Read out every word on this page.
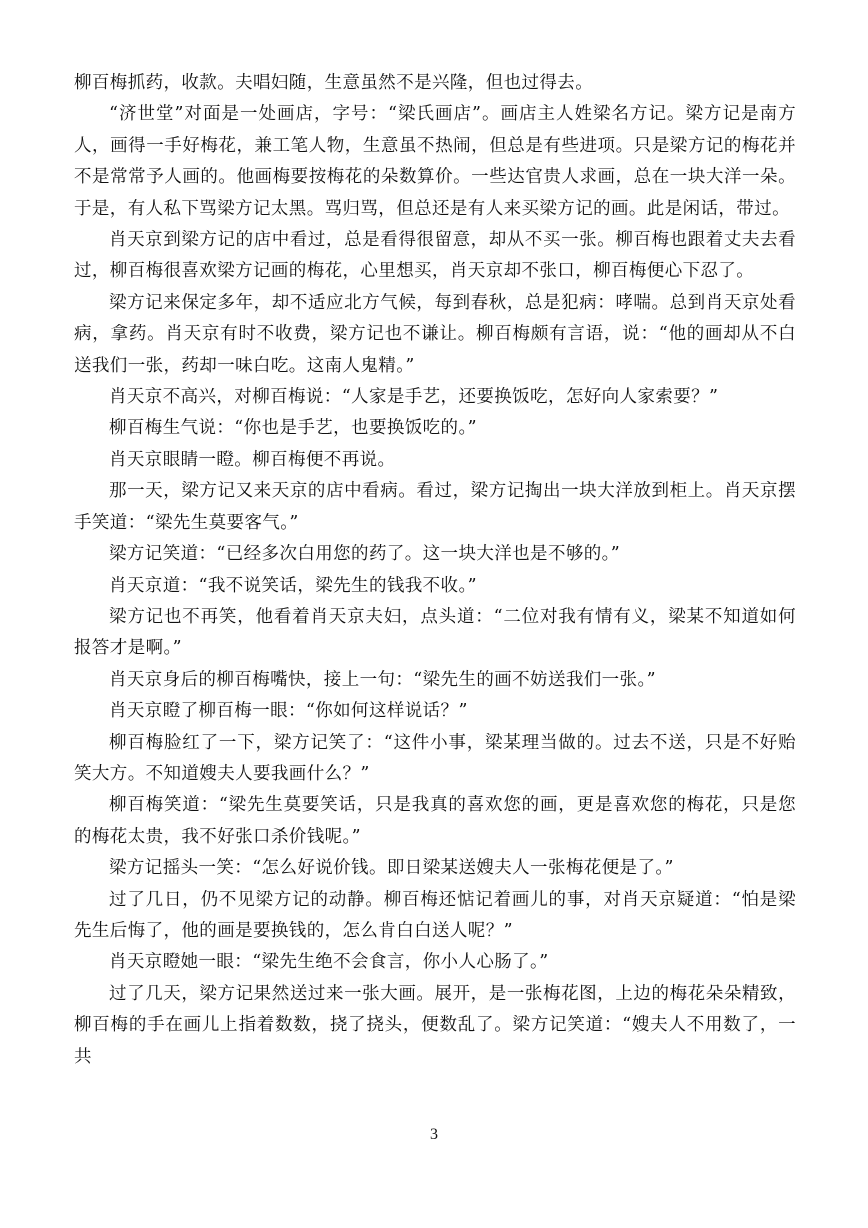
柳百梅抓药，收款。夫唱妇随，生意虽然不是兴隆，但也过得去。

“济世堂”对面是一处画店，字号：“梁氏画店”。画店主人姓梁名方记。梁方记是南方人，画得一手好梅花，兼工笔人物，生意虽不热闹，但总是有些进项。只是梁方记的梅花并不是常常予人画的。他画梅要按梅花的朵数算价。一些达官贵人求画，总在一块大洋一朵。于是，有人私下骂梁方记太黑。骂归骂，但总还是有人来买梁方记的画。此是闲话，带过。

肖天京到梁方记的店中看过，总是看得很留意，却从不买一张。柳百梅也跟着丈夫去看过，柳百梅很喜欢梁方记画的梅花，心里想买，肖天京却不张口，柳百梅便心下忍了。

梁方记来保定多年，却不适应北方气候，每到春秋，总是犯病：哮喘。总到肖天京处看病，拿药。肖天京有时不收费，梁方记也不谦让。柳百梅颇有言语，说：“他的画却从不白送我们一张，药却一味白吃。这南人鬼精。”

肖天京不高兴，对柳百梅说：“人家是手艺，还要换饭吃，怎好向人家索要？”

柳百梅生气说：“你也是手艺，也要换饭吃的。”

肖天京眼睛一瞪。柳百梅便不再说。

那一天，梁方记又来天京的店中看病。看过，梁方记掏出一块大洋放到柜上。肖天京摆手笑道：“梁先生莫要客气。”

梁方记笑道：“已经多次白用您的药了。这一块大洋也是不够的。”

肖天京道：“我不说笑话，梁先生的钱我不收。”

梁方记也不再笑，他看着肖天京夫妇，点头道：“二位对我有情有义，梁某不知道如何报答才是啊。”

肖天京身后的柳百梅嘴快，接上一句：“梁先生的画不妨送我们一张。”

肖天京瞪了柳百梅一眼：“你如何这样说话？”

柳百梅脸红了一下，梁方记笑了：“这件小事，梁某理当做的。过去不送，只是不好贻笑大方。不知道嫂夫人要我画什么？”

柳百梅笑道：“梁先生莫要笑话，只是我真的喜欢您的画，更是喜欢您的梅花，只是您的梅花太贵，我不好张口杀价钱呢。”

梁方记摇头一笑：“怎么好说价钱。即日梁某送嫂夫人一张梅花便是了。”

过了几日，仍不见梁方记的动静。柳百梅还惦记着画儿的事，对肖天京疑道：“怕是梁先生后悔了，他的画是要换钱的，怎么肯白白送人呢？”

肖天京瞪她一眼：“梁先生绝不会食言，你小人心肠了。”

过了几天，梁方记果然送过来一张大画。展开，是一张梅花图，上边的梅花朵朵精致，柳百梅的手在画儿上指着数数，挠了挠头，便数乱了。梁方记笑道：“嫂夫人不用数了，一共

3
